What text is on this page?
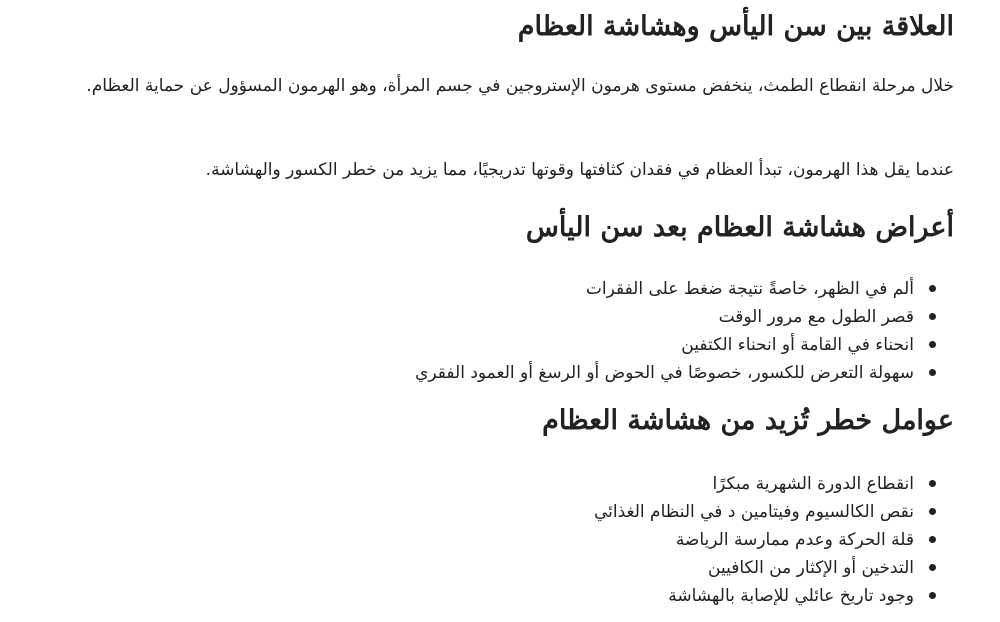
العلاقة بين سن اليأس وهشاشة العظام

خلال مرحلة انقطاع الطمث، ينخفض مستوى هرمون الإستروجين في جسم المرأة، وهو الهرمون المسؤول عن حماية العظام.

عندما يقل هذا الهرمون، تبدأ العظام في فقدان كثافتها وقوتها تدريجيًا، مما يزيد من خطر الكسور والهشاشة.

أعراض هشاشة العظام بعد سن اليأس
ألم في الظهر، خاصةً نتيجة ضغط على الفقرات
قصر الطول مع مرور الوقت
انحناء في القامة أو انحناء الكتفين
سهولة التعرض للكسور، خصوصًا في الحوض أو الرسغ أو العمود الفقري
عوامل خطر تُزيد من هشاشة العظام
انقطاع الدورة الشهرية مبكرًا
نقص الكالسيوم وفيتامين د في النظام الغذائي
قلة الحركة وعدم ممارسة الرياضة
التدخين أو الإكثار من الكافيين
وجود تاريخ عائلي للإصابة بالهشاشة
